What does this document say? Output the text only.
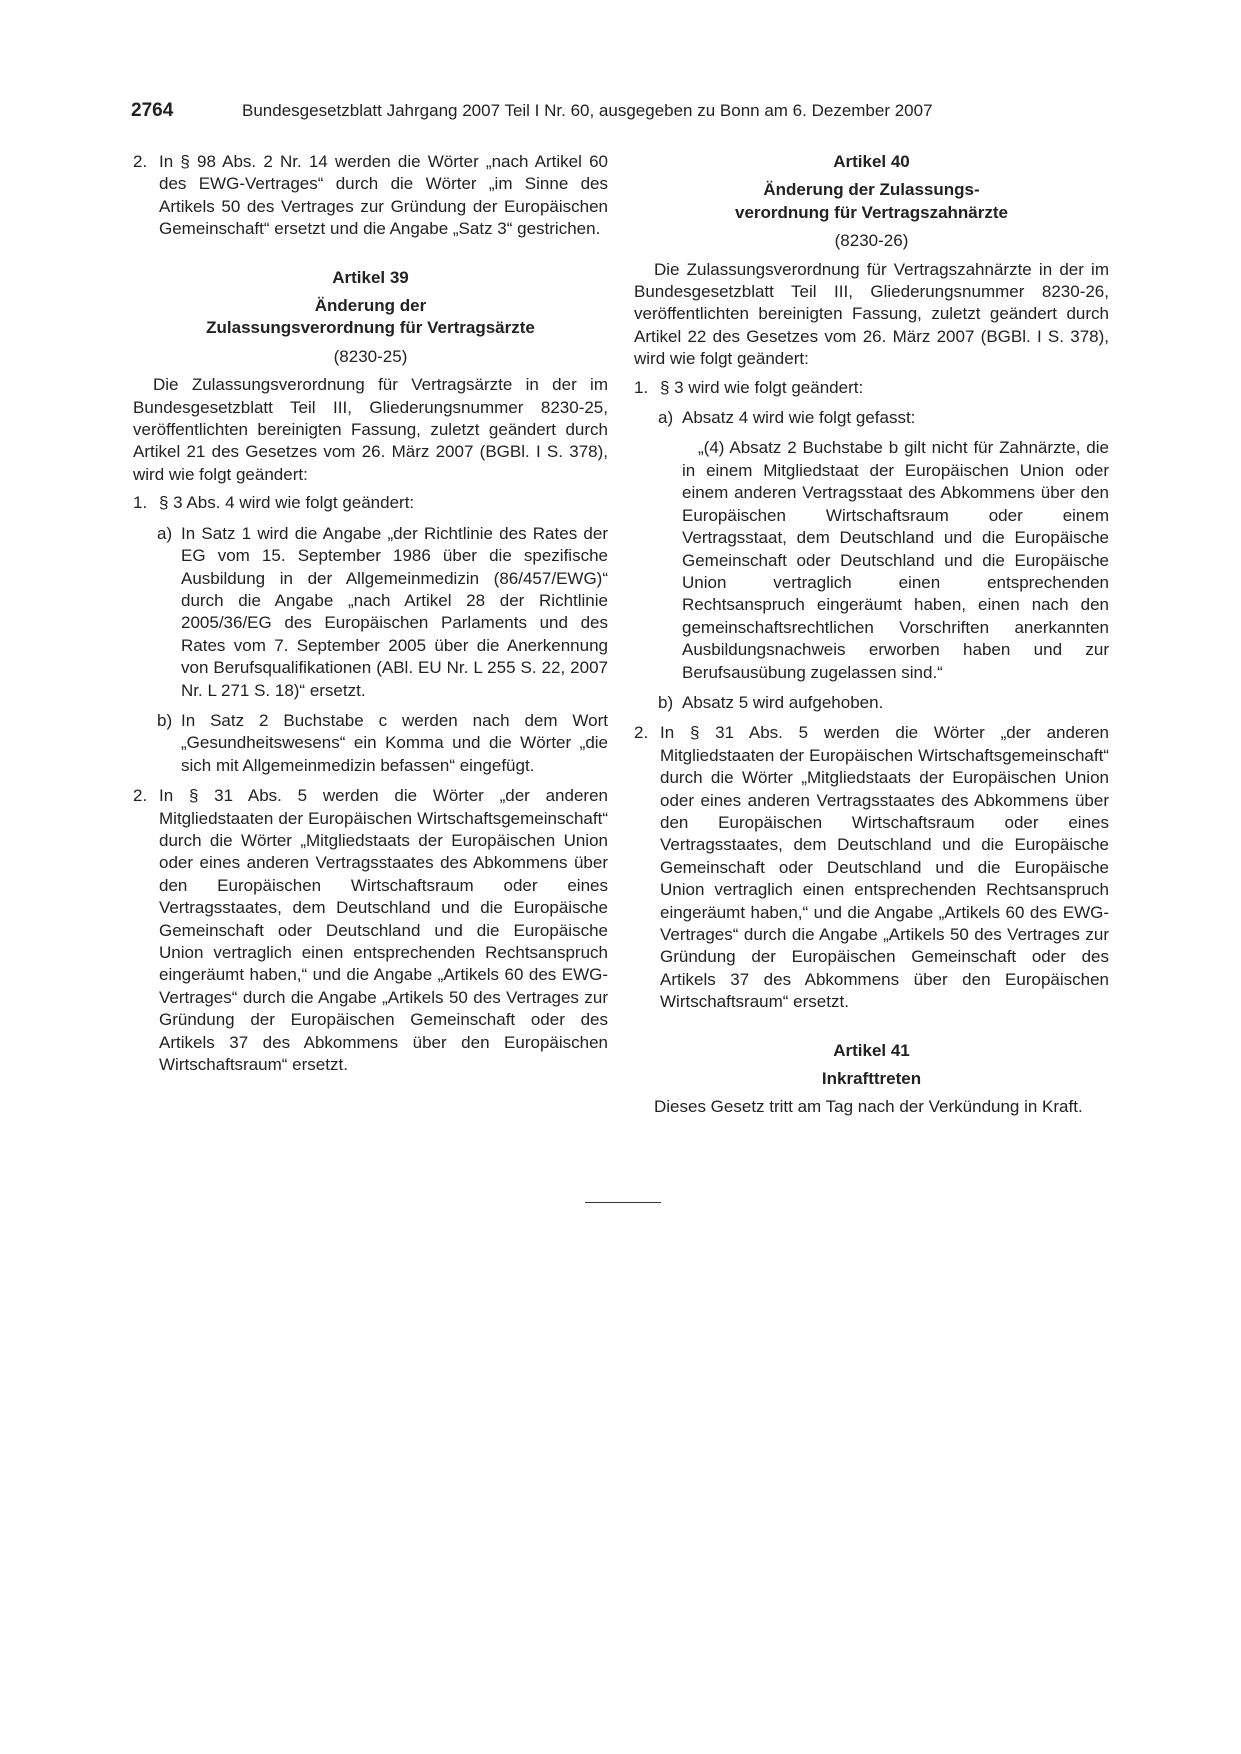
2764	Bundesgesetzblatt Jahrgang 2007 Teil I Nr. 60, ausgegeben zu Bonn am 6. Dezember 2007
2. In § 98 Abs. 2 Nr. 14 werden die Wörter „nach Artikel 60 des EWG-Vertrages“ durch die Wörter „im Sinne des Artikels 50 des Vertrages zur Gründung der Europäischen Gemeinschaft“ ersetzt und die Angabe „Satz 3“ gestrichen.

Artikel 39

Änderung der

Zulassungsverordnung für Vertragsärzte

(8230-25)

Die Zulassungsverordnung für Vertragsärzte in der im Bundesgesetzblatt Teil III, Gliederungsnummer 8230-25, veröffentlichten bereinigten Fassung, zuletzt geändert durch Artikel 21 des Gesetzes vom 26. März 2007 (BGBl. I S. 378), wird wie folgt geändert:

1. § 3 Abs. 4 wird wie folgt geändert:
a) In Satz 1 wird die Angabe „der Richtlinie des Rates der EG vom 15. September 1986 über die spezifische Ausbildung in der Allgemeinmedizin (86/457/EWG)“ durch die Angabe „nach Artikel 28 der Richtlinie 2005/36/EG des Europäischen Parlaments und des Rates vom 7. September 2005 über die Anerkennung von Berufsqualifikationen (ABl. EU Nr. L 255 S. 22, 2007 Nr. L 271 S. 18)“ ersetzt.
b) In Satz 2 Buchstabe c werden nach dem Wort „Gesundheitswesens“ ein Komma und die Wörter „die sich mit Allgemeinmedizin befassen“ eingefügt.
2. In § 31 Abs. 5 werden die Wörter „der anderen Mitgliedstaaten der Europäischen Wirtschaftsgemeinschaft“ durch die Wörter „Mitgliedstaats der Europäischen Union oder eines anderen Vertragsstaates des Abkommens über den Europäischen Wirtschaftsraum oder eines Vertragsstaates, dem Deutschland und die Europäische Gemeinschaft oder Deutschland und die Europäische Union vertraglich einen entsprechenden Rechtsanspruch eingeräumt haben,“ und die Angabe „Artikels 60 des EWG-Vertrages“ durch die Angabe „Artikels 50 des Vertrages zur Gründung der Europäischen Gemeinschaft oder des Artikels 37 des Abkommens über den Europäischen Wirtschaftsraum“ ersetzt.

Artikel 40

Änderung der Zulassungs-

verordnung für Vertragszahnärzte

(8230-26)

Die Zulassungsverordnung für Vertragszahnärzte in der im Bundesgesetzblatt Teil III, Gliederungsnummer 8230-26, veröffentlichten bereinigten Fassung, zuletzt geändert durch Artikel 22 des Gesetzes vom 26. März 2007 (BGBl. I S. 378), wird wie folgt geändert:

1. § 3 wird wie folgt geändert:
a) Absatz 4 wird wie folgt gefasst:

„(4) Absatz 2 Buchstabe b gilt nicht für Zahnärzte, die in einem Mitgliedstaat der Europäischen Union oder einem anderen Vertragsstaat des Abkommens über den Europäischen Wirtschaftsraum oder einem Vertragsstaat, dem Deutschland und die Europäische Gemeinschaft oder Deutschland und die Europäische Union vertraglich einen entsprechenden Rechtsanspruch eingeräumt haben, einen nach den gemeinschaftsrechtlichen Vorschriften anerkannten Ausbildungsnachweis erworben haben und zur Berufsausübung zugelassen sind.“

b) Absatz 5 wird aufgehoben.
2. In § 31 Abs. 5 werden die Wörter „der anderen Mitgliedstaaten der Europäischen Wirtschaftsgemeinschaft“ durch die Wörter „Mitgliedstaats der Europäischen Union oder eines anderen Vertragsstaates des Abkommens über den Europäischen Wirtschaftsraum oder eines Vertragsstaates, dem Deutschland und die Europäische Gemeinschaft oder Deutschland und die Europäische Union vertraglich einen entsprechenden Rechtsanspruch eingeräumt haben,“ und die Angabe „Artikels 60 des EWG-Vertrages“ durch die Angabe „Artikels 50 des Vertrages zur Gründung der Europäischen Gemeinschaft oder des Artikels 37 des Abkommens über den Europäischen Wirtschaftsraum“ ersetzt.

Artikel 41

Inkrafttreten

Dieses Gesetz tritt am Tag nach der Verkündung in Kraft.
